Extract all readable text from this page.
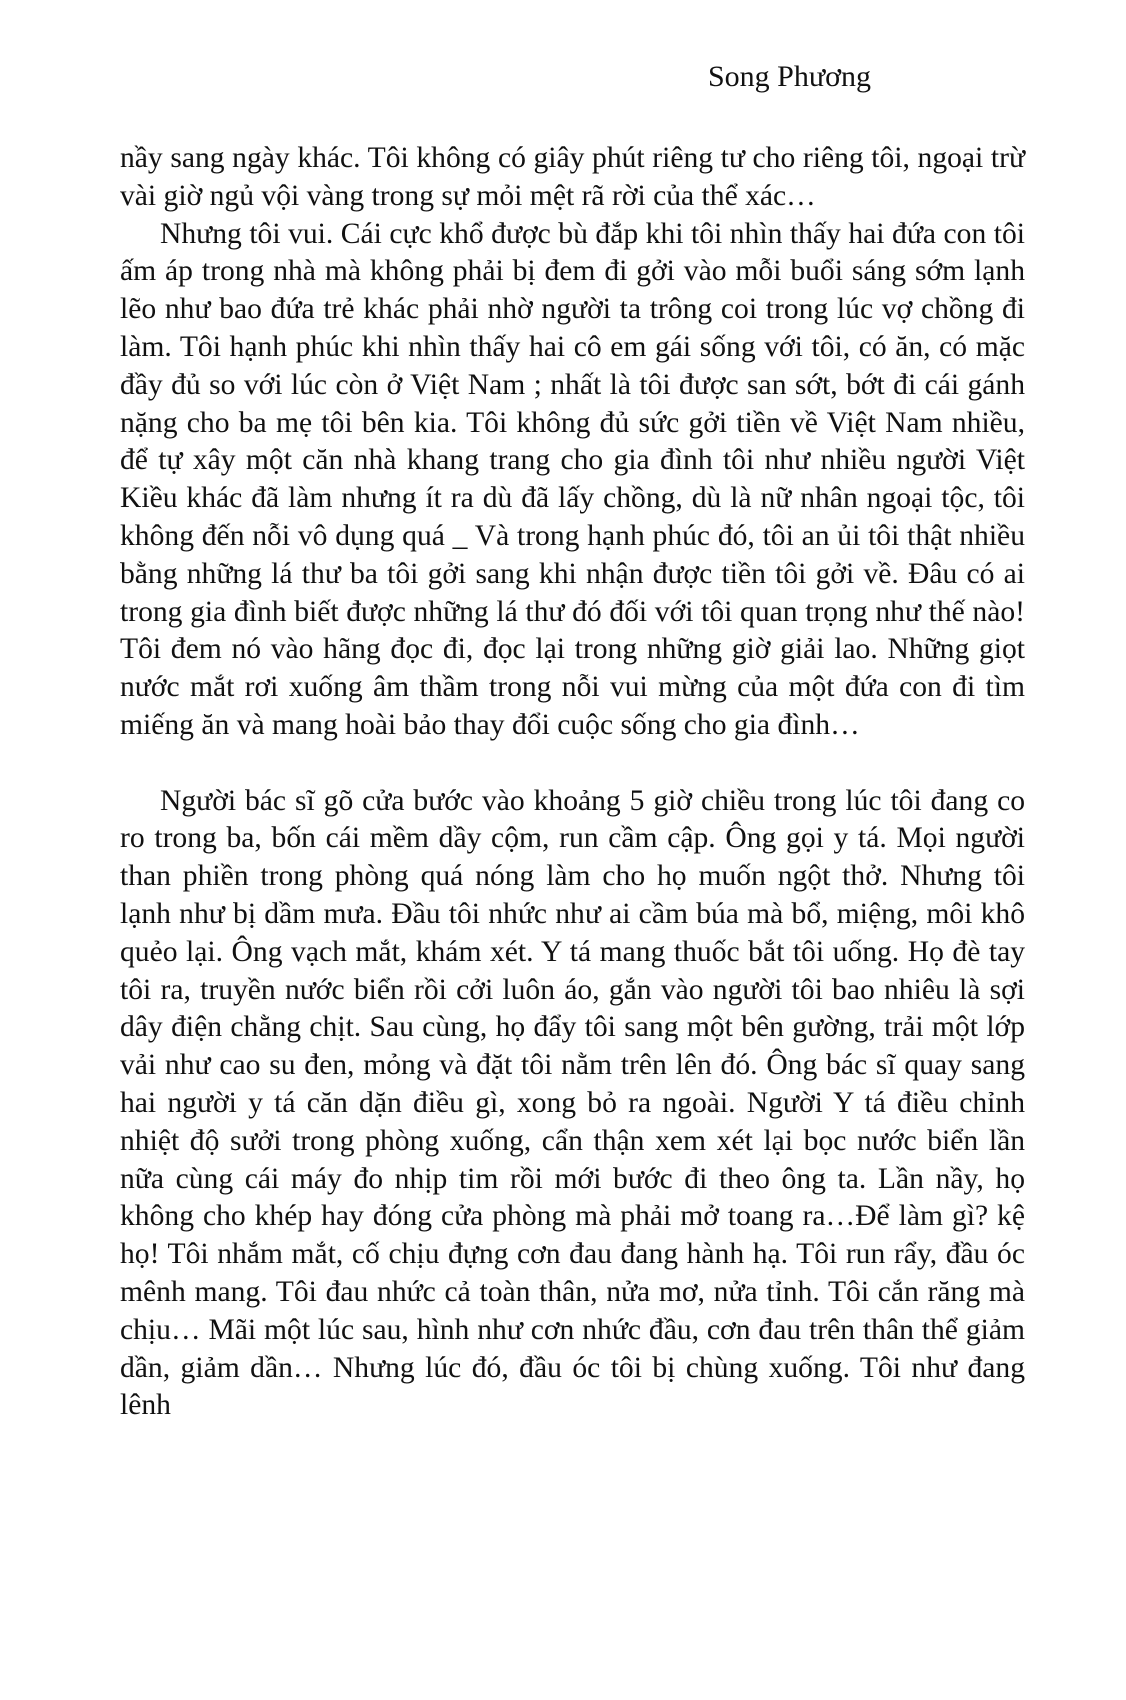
Song Phương

nầy sang ngày khác. Tôi không có giây phút riêng tư cho riêng tôi, ngoại trừ vài giờ ngủ vội vàng trong sự mỏi mệt rã rời của thể xác…

Nhưng tôi vui. Cái cực khổ được bù đắp khi tôi nhìn thấy hai đứa con tôi ấm áp trong nhà mà không phải bị đem đi gởi vào mỗi buổi sáng sớm lạnh lẽo như bao đứa trẻ khác phải nhờ người ta trông coi trong lúc vợ chồng đi làm. Tôi hạnh phúc khi nhìn thấy hai cô em gái sống với tôi, có ăn, có mặc đầy đủ so với lúc còn ở Việt Nam ; nhất là tôi được san sớt, bớt đi cái gánh nặng cho ba mẹ tôi bên kia. Tôi không đủ sức gởi tiền về Việt Nam nhiều, để tự xây một căn nhà khang trang cho gia đình tôi như nhiều người Việt Kiều khác đã làm nhưng ít ra dù đã lấy chồng, dù là nữ nhân ngoại tộc, tôi không đến nỗi vô dụng quá _ Và trong hạnh phúc đó, tôi an ủi tôi thật nhiều bằng những lá thư ba tôi gởi sang khi nhận được tiền tôi gởi về. Đâu có ai trong gia đình biết được những lá thư đó đối với tôi quan trọng như thế nào! Tôi đem nó vào hãng đọc đi, đọc lại trong những giờ giải lao. Những giọt nước mắt rơi xuống âm thầm trong nỗi vui mừng của một đứa con đi tìm miếng ăn và mang hoài bảo thay đổi cuộc sống cho gia đình…

Người bác sĩ gõ cửa bước vào khoảng 5 giờ chiều trong lúc tôi đang co ro trong ba, bốn cái mềm dầy cộm, run cầm cập. Ông gọi y tá. Mọi người than phiền trong phòng quá nóng làm cho họ muốn ngột thở. Nhưng tôi lạnh như bị dầm mưa. Đầu tôi nhức như ai cầm búa mà bổ, miệng, môi khô quẻo lại. Ông vạch mắt, khám xét. Y tá mang thuốc bắt tôi uống. Họ đè tay tôi ra, truyền nước biển rồi cởi luôn áo, gắn vào người tôi bao nhiêu là sợi dây điện chằng chịt. Sau cùng, họ đẩy tôi sang một bên gường, trải một lớp vải như cao su đen, mỏng và đặt tôi nằm trên lên đó. Ông bác sĩ quay sang hai người y tá căn dặn điều gì, xong bỏ ra ngoài. Người Y tá điều chỉnh nhiệt độ sưởi trong phòng xuống, cẩn thận xem xét lại bọc nước biển lần nữa cùng cái máy đo nhịp tim rồi mới bước đi theo ông ta. Lần nầy, họ không cho khép hay đóng cửa phòng mà phải mở toang ra…Để làm gì? kệ họ! Tôi nhắm mắt, cố chịu đựng cơn đau đang hành hạ. Tôi run rẩy, đầu óc mênh mang. Tôi đau nhức cả toàn thân, nửa mơ, nửa tỉnh. Tôi cắn răng mà chịu… Mãi một lúc sau, hình như cơn nhức đầu, cơn đau trên thân thể giảm dần, giảm dần… Nhưng lúc đó, đầu óc tôi bị chùng xuống. Tôi như đang lênh
